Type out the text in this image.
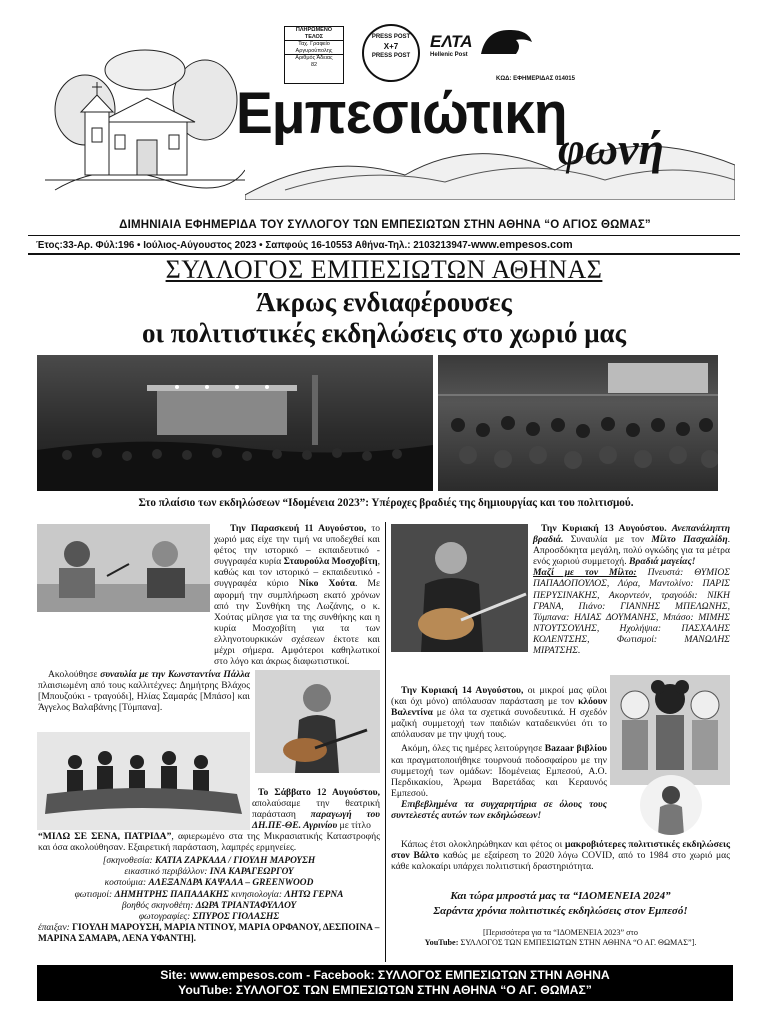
ΠΛΗΡΩΜΕΝΟ
ΤΕΛΟΣ
Ταχ. Γραφείο
Αργυρούπολης
Αριθμός Άδειας
82
PRESS POST
X+7
PRESS POST
ΕΛΤΑ
Hellenic Post
ΚΩΔ: ΕΦΗΜΕΡΙΔΑΣ 014015
Εμπεσιώτικη
φωνή
ΔΙΜΗΝΙΑΙΑ ΕΦΗΜΕΡΙΔΑ ΤΟΥ ΣΥΛΛΟΓΟΥ ΤΩΝ ΕΜΠΕΣΙΩΤΩΝ ΣΤΗΝ ΑΘΗΝΑ “Ο ΑΓΙΟΣ ΘΩΜΑΣ”
Έτος:33-Αρ. Φύλ:196 • Ιούλιος-Αύγουστος 2023 • Σαπφούς 16-10553 Αθήνα-Τηλ.: 2103213947-www.empesos.com
ΣΥΛΛΟΓΟΣ ΕΜΠΕΣΙΩΤΩΝ ΑΘΗΝΑΣ
Άκρως ενδιαφέρουσες
οι πολιτιστικές εκδηλώσεις στο χωριό μας
Στο πλαίσιο των εκδηλώσεων “Ιδομένεια 2023”: Υπέροχες βραδιές της δημιουργίας και του πολιτισμού.

Την Παρασκευή 11 Αυγούστου, το χωριό μας είχε την τιμή να υποδεχθεί και φέτος την ιστορικό – εκπαιδευτικό - συγγραφέα κυρία Σταυρούλα Μοσχοβίτη, καθώς και τον ιστορικό – εκπαιδευτικό - συγγραφέα κύριο Νίκο Χούτα. Με αφορμή την συμπλήρωση εκατό χρόνων από την Συνθήκη της Λωζάνης, ο κ. Χούτας μίλησε για τα της συνθήκης και η κυρία Μοσχοβίτη για τα των ελληνοτουρκικών σχέσεων έκτοτε και μέχρι σήμερα. Αμφότεροι καθηλωτικοί στο λόγο και άκρως διαφωτιστικοί.

Ακολούθησε συναυλία με την Κωνσταντίνα Πάλλα πλαισιωμένη από τους καλλιτέχνες: Δημήτρης Βλάχος [Μπουζούκι - τραγούδι], Ηλίας Σαμαράς [Μπάσο] και Άγγελος Βαλαβάνης [Τύμπανα].

Το Σάββατο 12 Αυγούστου, απολαύσαμε την θεατρική παράσταση παραγωγή του ΔΗ.ΠΕ-ΘΕ. Αγρινίου με τίτλο

“ΜΙΛΩ ΣΕ ΣΕΝΑ, ΠΑΤΡΙΔΑ”, αφιερωμένο στα της Μικρασιατικής Καταστροφής και όσα ακολούθησαν. Εξαιρετική παράσταση, λαμπρές ερμηνείες.

[σκηνοθεσία: ΚΑΤΙΑ ΖΑΡΚΑΔΑ / ΓΙΟΥΛΗ ΜΑΡΟΥΣΗ
εικαστικό περιβάλλον: ΙΝΑ ΚΑΡΑΓΕΩΡΓΟΥ
κοστούμια: ΑΛΕΞΑΝΔΡΑ ΚΑΨΑΛΑ – GREENWOOD
φωτισμοί: ΔΗΜΗΤΡΗΣ ΠΑΠΑΔΑΚΗΣ κινησιολογία: ΛΗΤΩ ΓΕΡΝΑ
βοηθός σκηνοθέτη: ΔΩΡΑ ΤΡΙΑΝΤΑΦΥΛΛΟΥ
φωτογραφίες: ΣΠΥΡΟΣ ΓΙΟΛΑΣΗΣ
έπαιξαν: ΓΙΟΥΛΗ ΜΑΡΟΥΣΗ, ΜΑΡΙΑ ΝΤΙΝΟΥ, ΜΑΡΙΑ ΟΡΦΑΝΟΥ, ΔΕΣΠΟΙΝΑ – ΜΑΡΙΝΑ ΣΑΜΑΡΑ, ΛΕΝΑ ΥΦΑΝΤΗ].

Την Κυριακή 13 Αυγούστου. Ανεπανάληπτη βραδιά. Συναυλία με τον Μίλτο Πασχαλίδη. Απροσδόκητα μεγάλη, πολύ ογκώδης για τα μέτρα ενός χωριού συμμετοχή. Βραδιά μαγείας!

Μαζί με τον Μίλτο: Πνευστά: ΘΥΜΙΟΣ ΠΑΠΑΔΟΠΟΥΛΟΣ, Λύρα, Μαντολίνο: ΠΑΡΙΣ ΠΕΡΥΣΙΝΑΚΗΣ, Ακορντεόν, τραγούδι: ΝΙΚΗ ΓΡΑΝΑ, Πιάνο: ΓΙΑΝΝΗΣ ΜΠΕΛΩΝΗΣ, Τύμπανα: ΗΛΙΑΣ ΔΟΥΜΑΝΗΣ, Μπάσο: ΜΙΜΗΣ ΝΤΟΥΤΣΟΥΛΗΣ, Ηχολήψια: ΠΑΣΧΑΛΗΣ ΚΟΛΕΝΤΣΗΣ, Φωτισμοί: ΜΑΝΩΛΗΣ ΜΙΡΑΤΣΗΣ.

Την Κυριακή 14 Αυγούστου, οι μικροί μας φίλοι (και όχι μόνο) απόλαυσαν παράσταση με τον κλόουν Βαλεντίνα με όλα τα σχετικά συνοδευτικά. Η σχεδόν μαζική συμμετοχή των παιδιών καταδεικνύει ότι το απόλαυσαν με την ψυχή τους.

Ακόμη, όλες τις ημέρες λειτούργησε Bazaar βιβλίου και πραγματοποιήθηκε τουρνουά ποδοσφαίρου με την συμμετοχή των ομάδων: Ιδομένειας Εμπεσού, Α.Ο. Περδικακίου, Άρωμα Βαρετάδας και Κεραυνός Εμπεσού.

Επιβεβλημένα τα συγχαρητήρια σε όλους τους συντελεστές αυτών των εκδηλώσεων!

Κάπως έτσι ολοκληρώθηκαν και φέτος οι μακροβιότερες πολιτιστικές εκδηλώσεις στον Βάλτο καθώς με εξαίρεση το 2020 λόγω COVID, από το 1984 στο χωριό μας κάθε καλοκαίρι υπάρχει πολιτιστική δραστηριότητα.

Και τώρα μπροστά μας τα “ΙΔΟΜΕΝΕΙΑ 2024”
Σαράντα χρόνια πολιτιστικές εκδηλώσεις στον Εμπεσό!
[Περισσότερα για τα “ΙΔΟΜΕΝΕΙΑ 2023” στο
YouTube: ΣΥΛΛΟΓΟΣ ΤΩΝ ΕΜΠΕΣΙΩΤΩΝ ΣΤΗΝ ΑΘΗΝΑ “Ο ΑΓ. ΘΩΜΑΣ”].
Site: www.empesos.com - Facebook: ΣΥΛΛΟΓΟΣ ΕΜΠΕΣΙΩΤΩΝ ΣΤΗΝ ΑΘΗΝΑ
YouTube: ΣΥΛΛΟΓΟΣ ΤΩΝ ΕΜΠΕΣΙΩΤΩΝ ΣΤΗΝ ΑΘΗΝΑ “Ο ΑΓ. ΘΩΜΑΣ”
